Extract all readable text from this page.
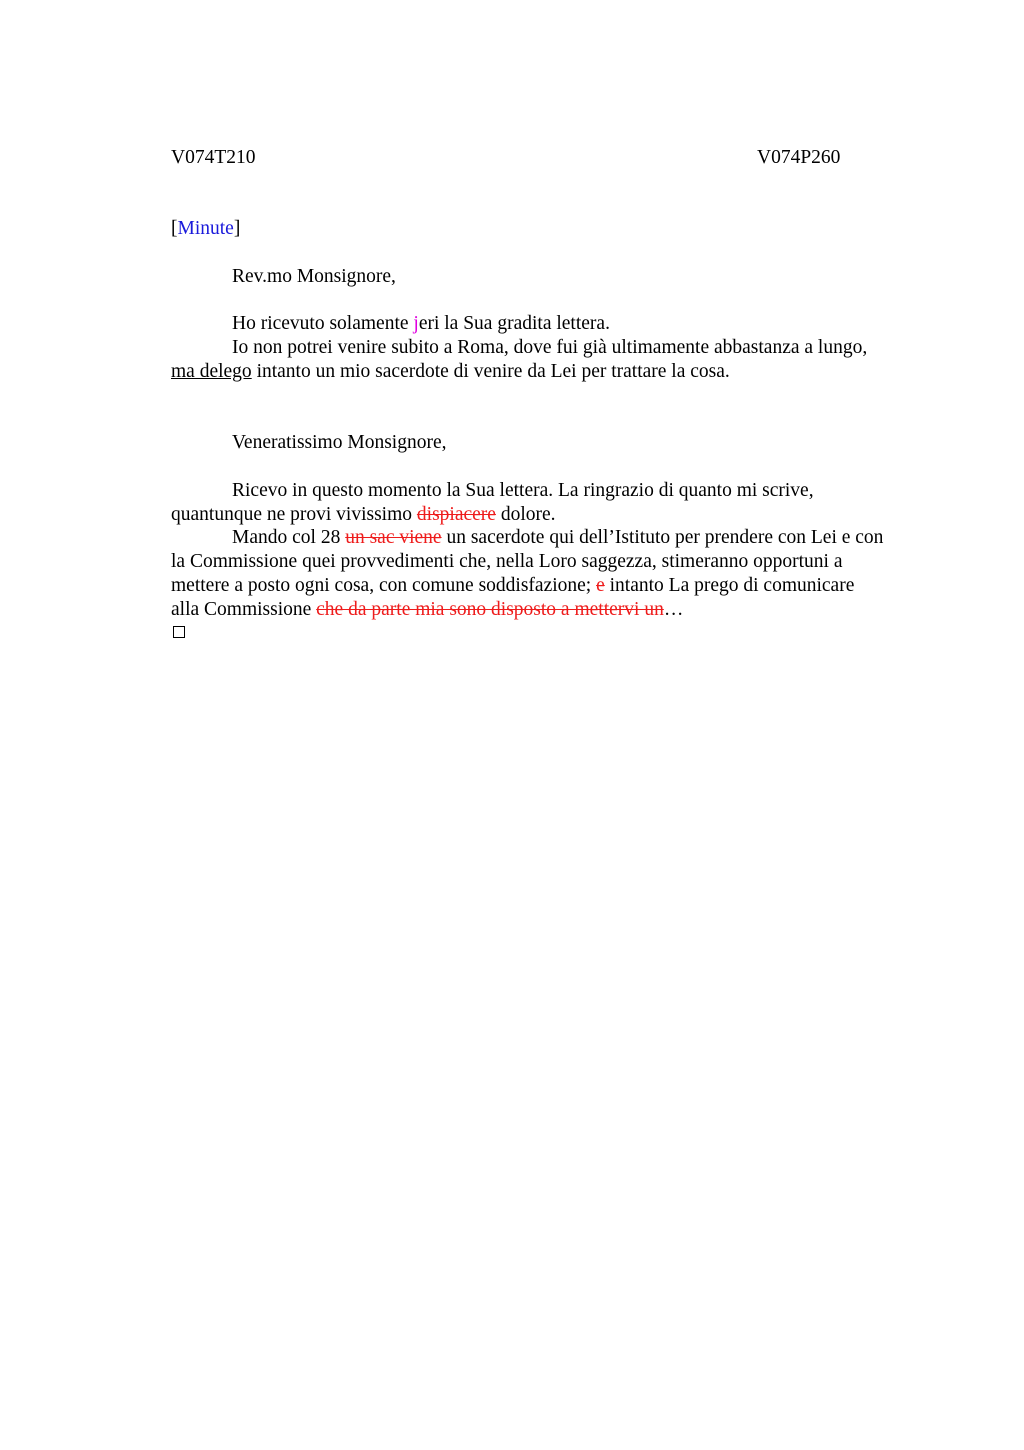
V074T210	V074P260
[Minute]
Rev.mo Monsignore,
Ho ricevuto solamente jeri la Sua gradita lettera.
Io non potrei venire subito a Roma, dove fui già ultimamente abbastanza a lungo,
ma delego intanto un mio sacerdote di venire da Lei per trattare la cosa.
Veneratissimo Monsignore,
Ricevo in questo momento la Sua lettera. La ringrazio di quanto mi scrive,
quantunque ne provi vivissimo dispiacere dolore.
Mando col 28 un sac viene un sacerdote qui dell’Istituto per prendere con Lei e con
la Commissione quei provvedimenti che, nella Loro saggezza, stimeranno opportuni a
mettere a posto ogni cosa, con comune soddisfazione; e intanto La prego di comunicare
alla Commissione che da parte mia sono disposto a mettervi un…
